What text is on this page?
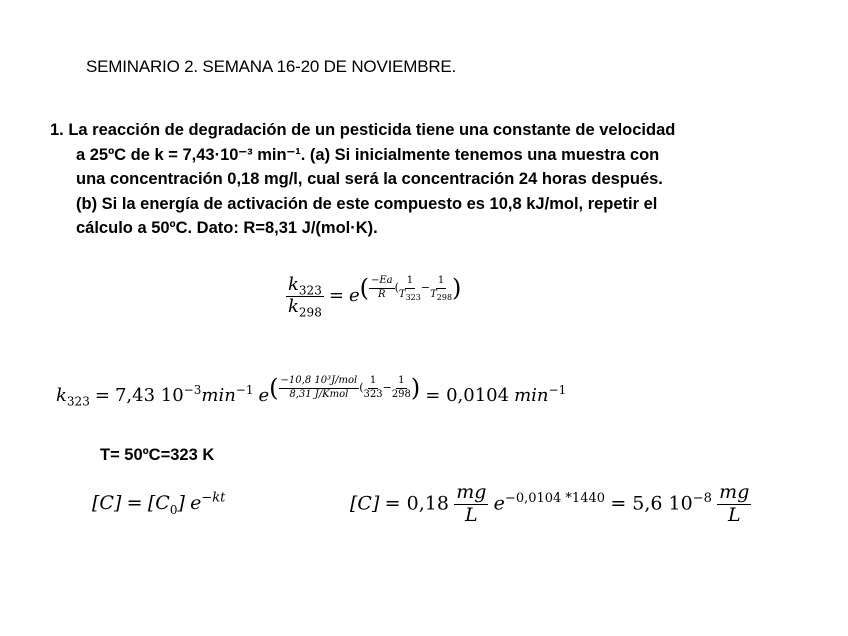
SEMINARIO 2. SEMANA 16-20 DE NOVIEMBRE.
1. La reacción de degradación de un pesticida tiene una constante de velocidad
a 25ºC de k = 7,43·10⁻³ min⁻¹. (a) Si inicialmente tenemos una muestra con
una concentración 0,18 mg/l, cual será la concentración 24 horas después.
(b) Si la energía de activación de este compuesto es 10,8 kJ/mol, repetir el
cálculo a 50ºC. Dato: R=8,31 J/(mol·K).
$\frac{k_{323}}{k_{298}} = e( \frac{-Ea}{R}$ ( $\frac{1}{T_{323}} - \frac{1}{T_{298}}$ )
$k_{323} = 7,43$ $10^{-3}\min^{-1}$ $e( \frac{\text{−10,8 10³J/mol}}{\text{8,31 J/Kmol}}$ ( $\frac{1}{323} - \frac{1}{298}$ ) = 0,0104 $\min^{-1}$
T= 50ºC=323 K
$[C] = [C_0]$ $e^{-kt}$	$[C] = 0,18 \frac{mg}{L} e^{-0,0104 *1440} = 5,6$ $10^{-8} \frac{mg}{L}$
